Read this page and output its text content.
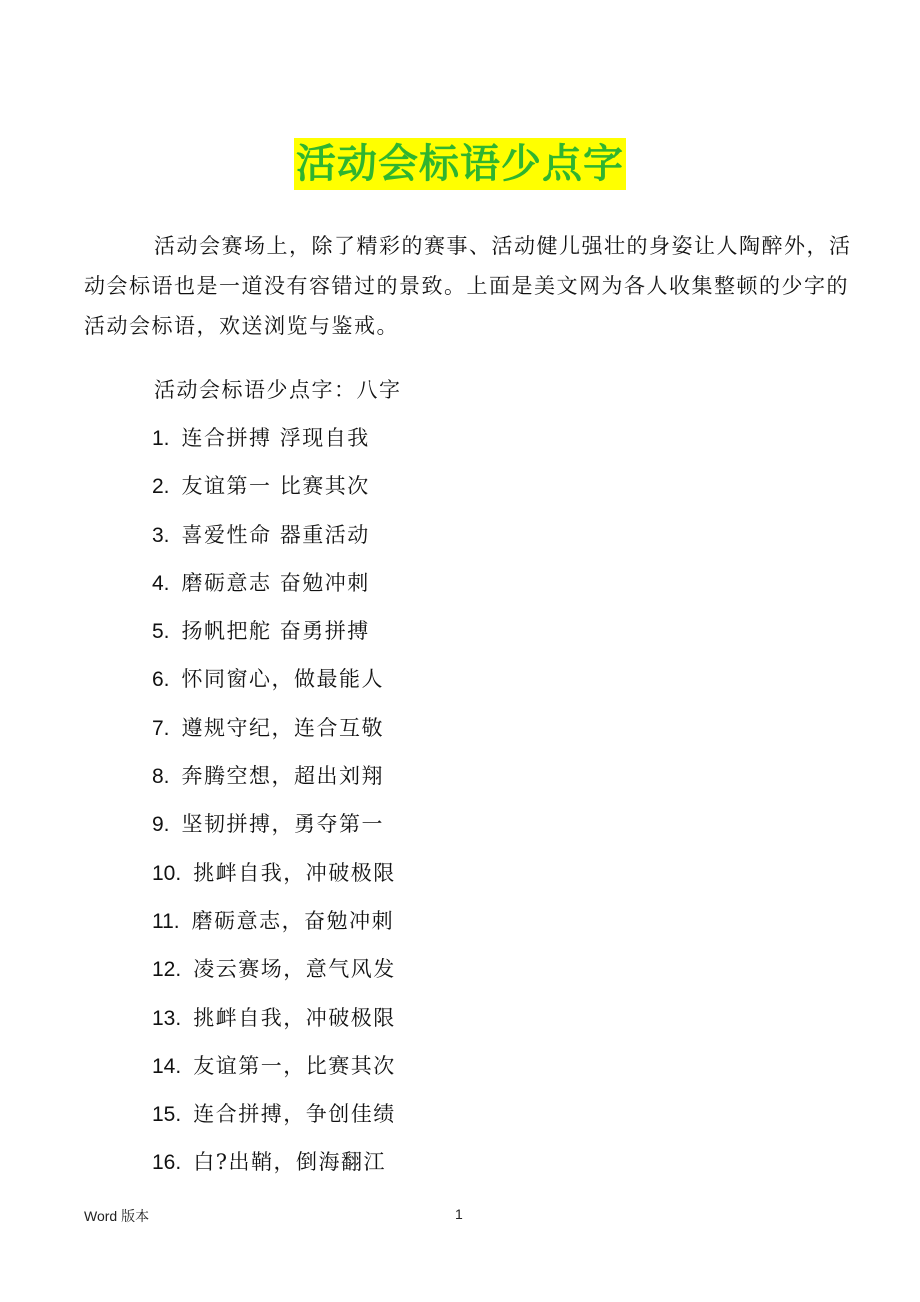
活动会标语少点字
活动会赛场上，除了精彩的赛事、活动健儿强壮的身姿让人陶醉外，活动会标语也是一道没有容错过的景致。上面是美文网为各人收集整顿的少字的活动会标语，欢送浏览与鉴戒。
活动会标语少点字：八字
1. 连合拼搏 浮现自我
2. 友谊第一 比赛其次
3. 喜爱性命 器重活动
4. 磨砺意志 奋勉冲刺
5. 扬帆把舵 奋勇拼搏
6. 怀同窗心，做最能人
7. 遵规守纪，连合互敬
8. 奔腾空想，超出刘翔
9. 坚韧拼搏，勇夺第一
10. 挑衅自我，冲破极限
11. 磨砺意志，奋勉冲刺
12. 凌云赛场，意气风发
13. 挑衅自我，冲破极限
14. 友谊第一，比赛其次
15. 连合拼搏，争创佳绩
16. 白?出鞘，倒海翻江
Word 版本	1
